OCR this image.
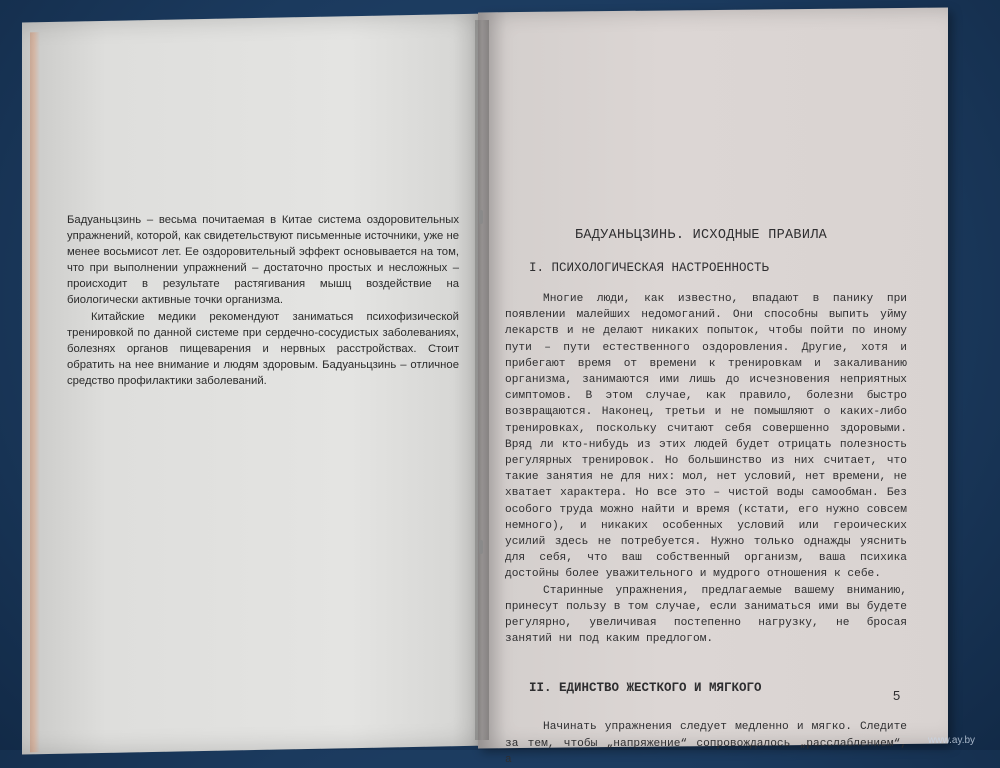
Бадуаньцзинь – весьма почитаемая в Китае система оздоровительных упражнений, которой, как свидетельствуют письменные источники, уже не менее восьмисот лет. Ее оздоровительный эффект основывается на том, что при выполнении упражнений – достаточно простых и несложных – происходит в результате растягивания мышц воздействие на биологически активные точки организма.

Китайские медики рекомендуют заниматься психофизической тренировкой по данной системе при сердечно-сосудистых заболеваниях, болезнях органов пищеварения и нервных расстройствах. Стоит обратить на нее внимание и людям здоровым. Бадуаньцзинь – отличное средство профилактики заболеваний.

БАДУАНЬЦЗИНЬ. ИСХОДНЫЕ ПРАВИЛА
I. ПСИХОЛОГИЧЕСКАЯ НАСТРОЕННОСТЬ

Многие люди, как известно, впадают в панику при появлении малейших недомоганий. Они способны выпить уйму лекарств и не делают никаких попыток, чтобы пойти по иному пути – пути естественного оздоровления. Другие, хотя и прибегают время от времени к тренировкам и закаливанию организма, занимаются ими лишь до исчезновения неприятных симптомов. В этом случае, как правило, болезни быстро возвращаются. Наконец, третьи и не помышляют о каких-либо тренировках, поскольку считают себя совершенно здоровыми. Вряд ли кто-нибудь из этих людей будет отрицать полезность регулярных тренировок. Но большинство из них считает, что такие занятия не для них: мол, нет условий, нет времени, не хватает характера. Но все это – чистой воды самообман. Без особого труда можно найти и время (кстати, его нужно совсем немного), и никаких особенных условий или героических усилий здесь не потребуется. Нужно только однажды уяснить для себя, что ваш собственный организм, ваша психика достойны более уважительного и мудрого отношения к себе.

Старинные упражнения, предлагаемые вашему вниманию, принесут пользу в том случае, если заниматься ими вы будете регулярно, увеличивая постепенно нагрузку, не бросая занятий ни под каким предлогом.

II. ЕДИНСТВО ЖЕСТКОГО И МЯГКОГО

Начинать упражнения следует медленно и мягко. Следите за тем, чтобы „напряжение“ сопровождалось „расслаблением“, а

5
www.ay.by
